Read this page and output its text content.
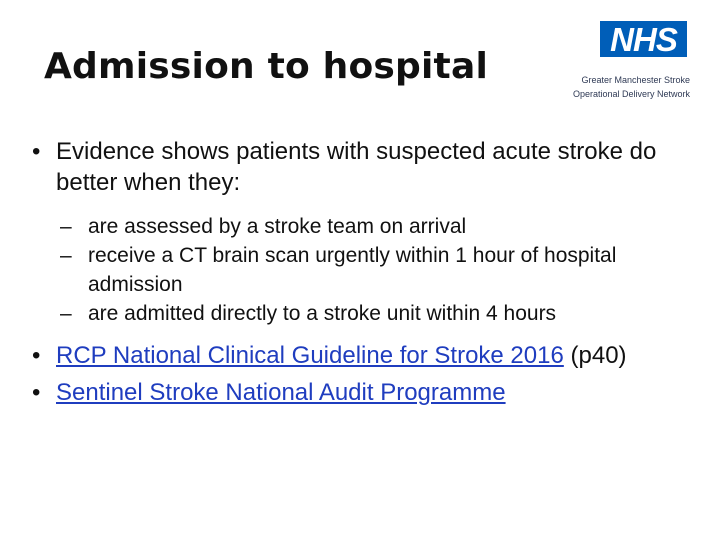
Admission to hospital
NHS
Greater Manchester Stroke
Operational Delivery Network
• Evidence shows patients with suspected acute stroke do better when they:
– are assessed by a stroke team on arrival
– receive a CT brain scan urgently within 1 hour of hospital admission
– are admitted directly to a stroke unit within 4 hours
• RCP National Clinical Guideline for Stroke 2016 (p40)
• Sentinel Stroke National Audit Programme
